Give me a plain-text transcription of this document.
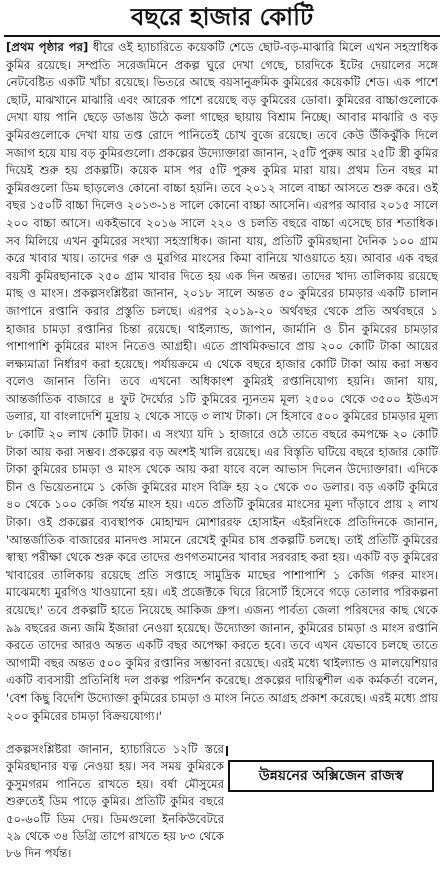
বছরে হাজার কোটি

[প্রথম পৃষ্ঠার পর] ধীরে ওই হ্যাচারিতে কয়েকটি শেডে ছোট-বড়-মাঝারি মিলে এখন সহস্রাধিক কুমির রয়েছে। সম্প্রতি সরেজমিনে প্রকল্প ঘুরে দেখা গেছে, চারদিকে ইটের দেয়ালের সঙ্গে নেটবেষ্টিত একটি খাঁচা রয়েছে। ভিতরে আছে বয়সানুক্রমিক কুমিরের কয়েকটি শেড। এক পাশে ছোট, মাঝখানে মাঝারি এবং আরেক পাশে রয়েছে বড় কুমিরের ডোবা। কুমিরের বাচ্চাগুলোকে দেখা যায় পানি ছেড়ে ডাঙায় উঠে কলা গাছের ছায়ায় বিশ্রাম নিচ্ছে। আবার মাঝারি ও বড় কুমিরগুলোকে দেখা যায় তপ্ত রোদে পানিতেই চোখ বুজে রয়েছে। তবে কেউ উঁকিঝুঁকি দিলে সজাগ হয়ে যায় বড় কুমিরগুলো। প্রকল্পের উদ্যোক্তারা জানান, ২৫টি পুরুষ আর ২৫টি স্ত্রী কুমির দিয়েই শুরু হয় প্রকল্পটি। কয়েক মাস পর ৫টি পুরুষ কুমির মারা যায়। প্রথম তিন বছর মা কুমিরগুলো ডিম ছাড়লেও কোনো বাচ্চা হয়নি। তবে ২০১২ সালে বাচ্চা আসতে শুরু করে। ওই বছর ১৫০টি বাচ্চা দিলেও ২০১৩-১৪ সালে কোনো বাচ্চা আসেনি। এরপর আবার ২০১৫ সালে ২০০ বাচ্চা আসে। একইভাবে ২০১৬ সালে ২২০ ও চলতি বছরে বাচ্চা এসেছে চার শতাধিক। সব মিলিয়ে এখন কুমিরের সংখ্যা সহস্রাধিক। জানা যায়, প্রতিটি কুমিরছানা দৈনিক ১০০ গ্রাম করে খাবার খায়। তাদের গরু ও মুরগির মাংসের কিমা বানিয়ে খাওয়াতে হয়। আবার এক বছর বয়সী কুমিরছানাকে ২৫০ গ্রাম খাবার দিতে হয় এক দিন অন্তর। তাদের খাদ্য তালিকায় রয়েছে মাছ ও মাংস। প্রকল্পসংশ্লিষ্টরা জানান, ২০১৮ সালে অন্তত ৫০ কুমিরের চামড়ার একটি চালান জাপানে রপ্তানি করার প্রস্তুতি চলছে। এরপর ২০১৯-২০ অর্থবছর থেকে প্রতি অর্থবছরে ১ হাজার চামড়া রপ্তানির চিন্তা রয়েছে। থাইল্যান্ড, জাপান, জার্মানি ও চীন কুমিরের চামড়ার পাশাপাশি কুমিরের মাংস নিতেও আগ্রহী। এতে প্রাথমিকভাবে প্রায় ২০০ কোটি টাকা আয়ের লক্ষ্যমাত্রা নির্ধারণ করা হয়েছে। পর্যায়ক্রমে এ থেকে বছরে হাজার কোটি টাকা আয় করা সম্ভব বলেও জানান তিনি। তবে এখনো অধিকাংশ কুমিরই রপ্তানিযোগ্য হয়নি। জানা যায়, আন্তর্জাতিক বাজারে ৪ ফুট দৈর্ঘ্যের ১টি কুমিরের ন্যূনতম মূল্য ২৫০০ থেকে ৩৫০০ ইউএস ডলার, যা বাংলাদেশি মুদ্রায় ২ থেকে সাড়ে ৩ লাখ টাকা। সে হিসাবে ৫০০ কুমিরের চামড়ার মূল্য ৮ কোটি ২০ লাখ কোটি টাকা। এ সংখ্যা যদি ১ হাজারে ওঠে তাতে বছরে কমপক্ষে ২০ কোটি টাকা আয় করা সম্ভব। প্রকল্পের বড় অংশই খালি রয়েছে। এর বিস্তৃতি ঘটিয়ে বছরে হাজার কোটি টাকা কুমিরের চামড়া ও মাংস থেকে আয় করা যাবে বলে আভাস দিলেন উদ্যোক্তারা। এদিকে চীন ও ভিয়েতনামে ১ কেজি কুমিরের মাংস বিক্রি হয় ২০ থেকে ৩০ ডলার। বড় একটি কুমিরে ৪০ থেকে ১০০ কেজি পর্যন্ত মাংস হয়। এতে প্রতিটি কুমিরের মাংসের মূল্য দাঁড়াবে প্রায় ২ লাখ টাকা। ওই প্রকল্পের ব্যবস্থাপক মোহাম্মদ মোশাররফ হোসাইন এইরনিংকে প্রতিদিনকে জানান, 'আন্তর্জাতিক বাজারের মানদণ্ড সামনে রেখেই কুমির চাষ প্রকল্পটি চলছে। তাই প্রতিটি কুমিরের স্বাস্থ্য পরীক্ষা থেকে শুরু করে তাদের গুণগতমানের খাবার সরবরাহ করা হয়। একটি বড় কুমিরের খাবারের তালিকায় রয়েছে প্রতি সপ্তাহে সামুদ্রিক মাছের পাশাপাশি ১ কেজি গরুর মাংস। মাঝেমধ্যে মুরগিও খাওয়ানো হয়। এই প্রজেক্টকে ঘিরে রিসোর্ট হিসেবে গড়ে তোলার পরিকল্পনা রয়েছে।' তবে প্রকল্পটি হাতে নিয়েছে আকিজ গ্রুপ। এজন্য পার্বত্য জেলা পরিষদের কাছ থেকে ৯৯ বছরের জন্য জমি ইজারা নেওয়া হয়েছে। উদ্যোক্তা জানান, কুমিরের চামড়া ও মাংস রপ্তানি করতে তাদের আরও অন্তত একটি বছর অপেক্ষা করতে হবে। তবে এখন যেভাবে চলছে তাতে আগামী বছর অন্তত ৫০০ কুমির রপ্তানির সম্ভাবনা রয়েছে। এরই মধ্যে থাইল্যান্ড ও মালয়েশিয়ার একটি ব্যবসায়ী প্রতিনিধি দল প্রকল্প পরিদর্শন করেছে। প্রকল্পের দায়িত্বশীল এক কর্মকর্তা বলেন, 'বেশ কিছু বিদেশি উদ্যোক্তা কুমিরের চামড়া ও মাংস নিতে আগ্রহ প্রকাশ করেছে। এরই মধ্যে প্রায় ২০০ কুমিরের চামড়া বিক্রয়যোগ্য।'

প্রকল্পসংশ্লিষ্টরা জানান, হ্যাচারিতে ১২টি স্তরে কুমিরছানার যত্ন নেওয়া হয়। সব সময় কুমিরকে কুসুমগরম পানিতে রাখতে হয়। বর্ষা মৌসুমের শুরুতেই ডিম পাড়ে কুমির। প্রতিটি কুমির বছরে ৫০-৬০টি ডিম দেয়। ডিমগুলো ইনকিউবেটরে ২৯ থেকে ৩৪ ডিগ্রি তাপে রাখতে হয় ৮৩ থেকে ৮৬ দিন পর্যন্ত।

উন্নয়নের অক্সিজেন রাজস্ব
